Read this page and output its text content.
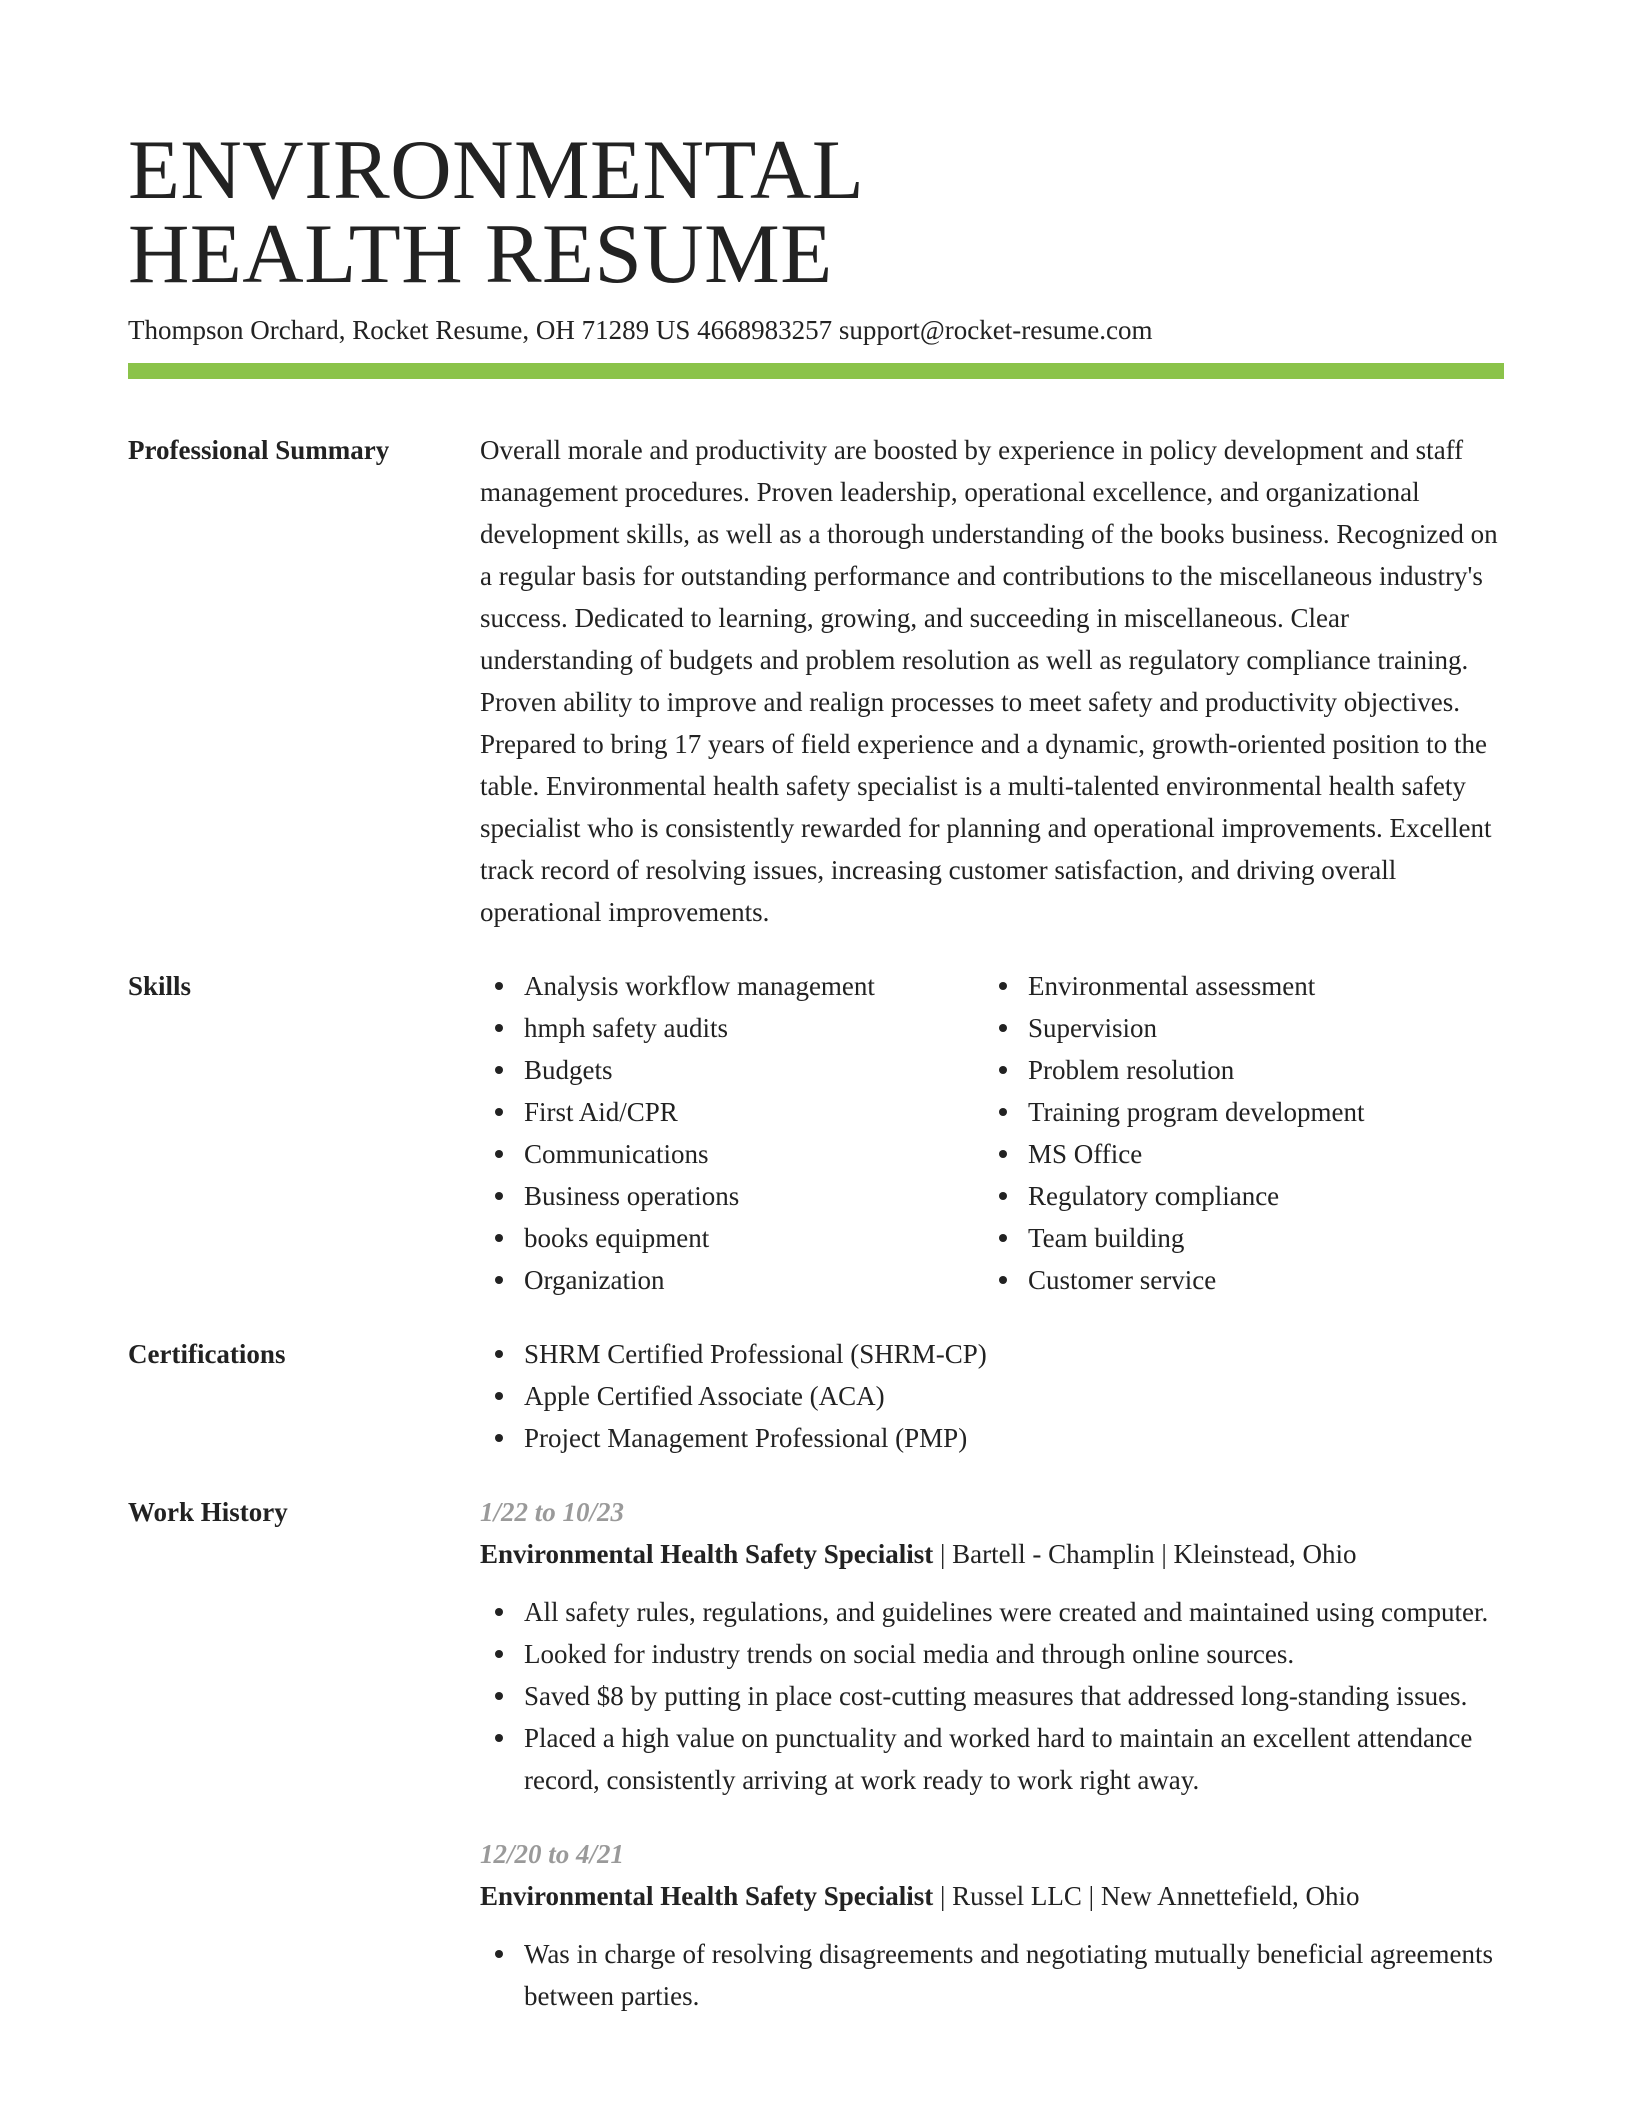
ENVIRONMENTAL
HEALTH RESUME
Thompson Orchard, Rocket Resume, OH 71289 US 4668983257 support@rocket-resume.com
Professional Summary	Overall morale and productivity are boosted by experience in policy development and staff management procedures. Proven leadership, operational excellence, and organizational development skills, as well as a thorough understanding of the books business. Recognized on a regular basis for outstanding performance and contributions to the miscellaneous industry's success. Dedicated to learning, growing, and succeeding in miscellaneous. Clear understanding of budgets and problem resolution as well as regulatory compliance training. Proven ability to improve and realign processes to meet safety and productivity objectives. Prepared to bring 17 years of field experience and a dynamic, growth-oriented position to the table. Environmental health safety specialist is a multi-talented environmental health safety specialist who is consistently rewarded for planning and operational improvements. Excellent track record of resolving issues, increasing customer satisfaction, and driving overall operational improvements.
Skills	Analysis workflow management
hmph safety audits
Budgets
First Aid/CPR
Communications
Business operations
books equipment
Organization
Environmental assessment
Supervision
Problem resolution
Training program development
MS Office
Regulatory compliance
Team building
Customer service
Certifications	SHRM Certified Professional (SHRM-CP)
Apple Certified Associate (ACA)
Project Management Professional (PMP)
Work History	1/22 to 10/23
Environmental Health Safety Specialist | Bartell - Champlin | Kleinstead, Ohio
All safety rules, regulations, and guidelines were created and maintained using computer.
Looked for industry trends on social media and through online sources.
Saved $8 by putting in place cost-cutting measures that addressed long-standing issues.
Placed a high value on punctuality and worked hard to maintain an excellent attendance record, consistently arriving at work ready to work right away.
12/20 to 4/21
Environmental Health Safety Specialist | Russel LLC | New Annettefield, Ohio
Was in charge of resolving disagreements and negotiating mutually beneficial agreements between parties.
